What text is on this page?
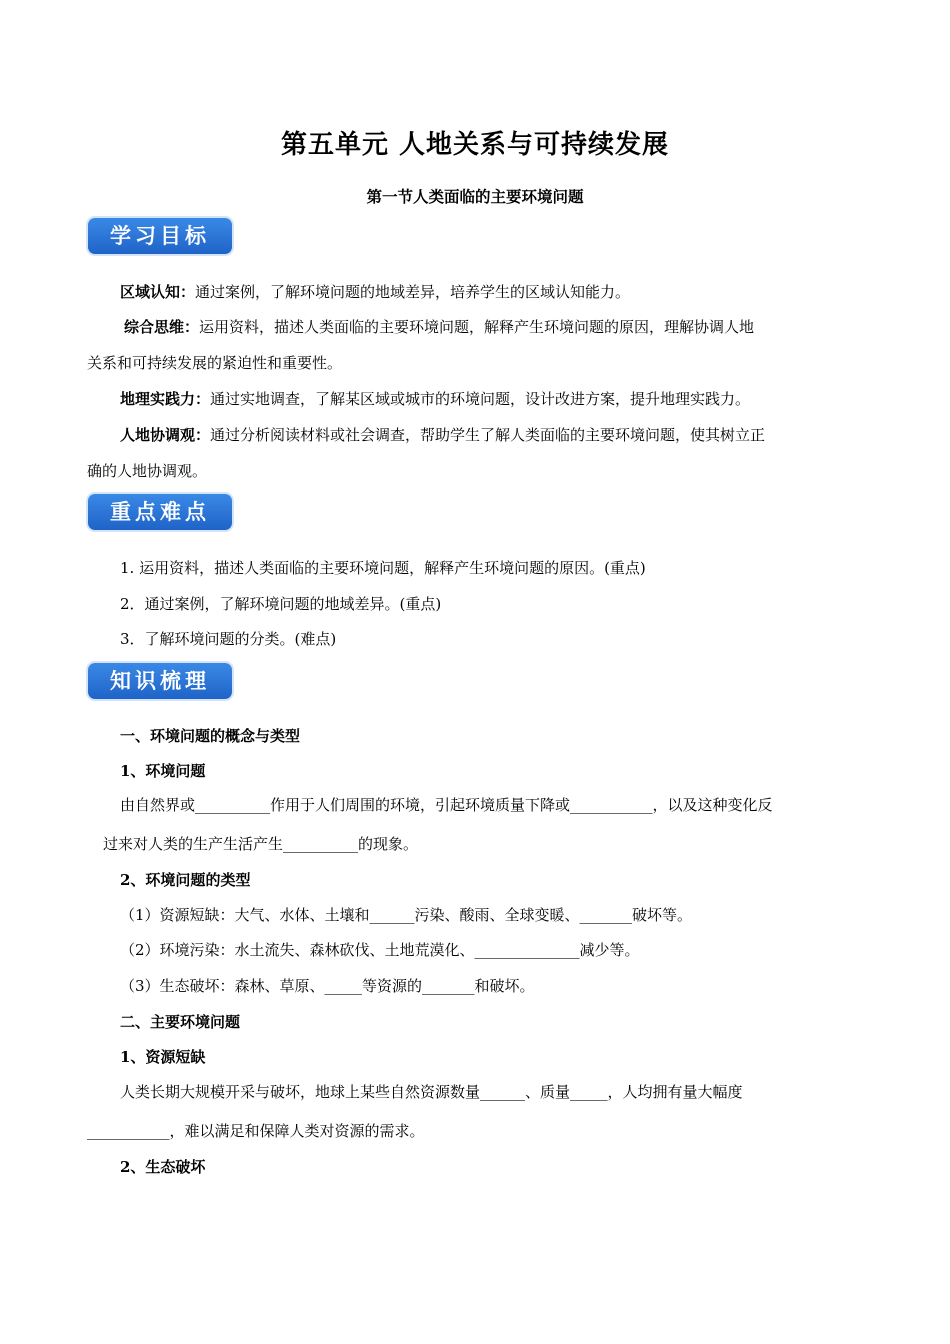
第五单元 人地关系与可持续发展
第一节人类面临的主要环境问题
学习目标
区域认知：通过案例，了解环境问题的地域差异，培养学生的区域认知能力。
综合思维：运用资料，描述人类面临的主要环境问题，解释产生环境问题的原因，理解协调人地
关系和可持续发展的紧迫性和重要性。
地理实践力：通过实地调查，了解某区域或城市的环境问题，设计改进方案，提升地理实践力。
人地协调观：通过分析阅读材料或社会调查，帮助学生了解人类面临的主要环境问题，使其树立正
确的人地协调观。
重点难点
1. 运用资料，描述人类面临的主要环境问题，解释产生环境问题的原因。(重点)
2．通过案例，了解环境问题的地域差异。(重点)
3．了解环境问题的分类。(难点)
知识梳理
一、环境问题的概念与类型
1、环境问题
由自然界或__________作用于人们周围的环境，引起环境质量下降或___________，以及这种变化反
过来对人类的生产生活产生__________的现象。
2、环境问题的类型
（1）资源短缺：大气、水体、土壤和______污染、酸雨、全球变暖、_______破坏等。
（2）环境污染：水土流失、森林砍伐、土地荒漠化、______________减少等。
（3）生态破坏：森林、草原、_____等资源的_______和破坏。
二、主要环境问题
1、资源短缺
人类长期大规模开采与破坏，地球上某些自然资源数量______、质量_____，人均拥有量大幅度
___________，难以满足和保障人类对资源的需求。
2、生态破坏
